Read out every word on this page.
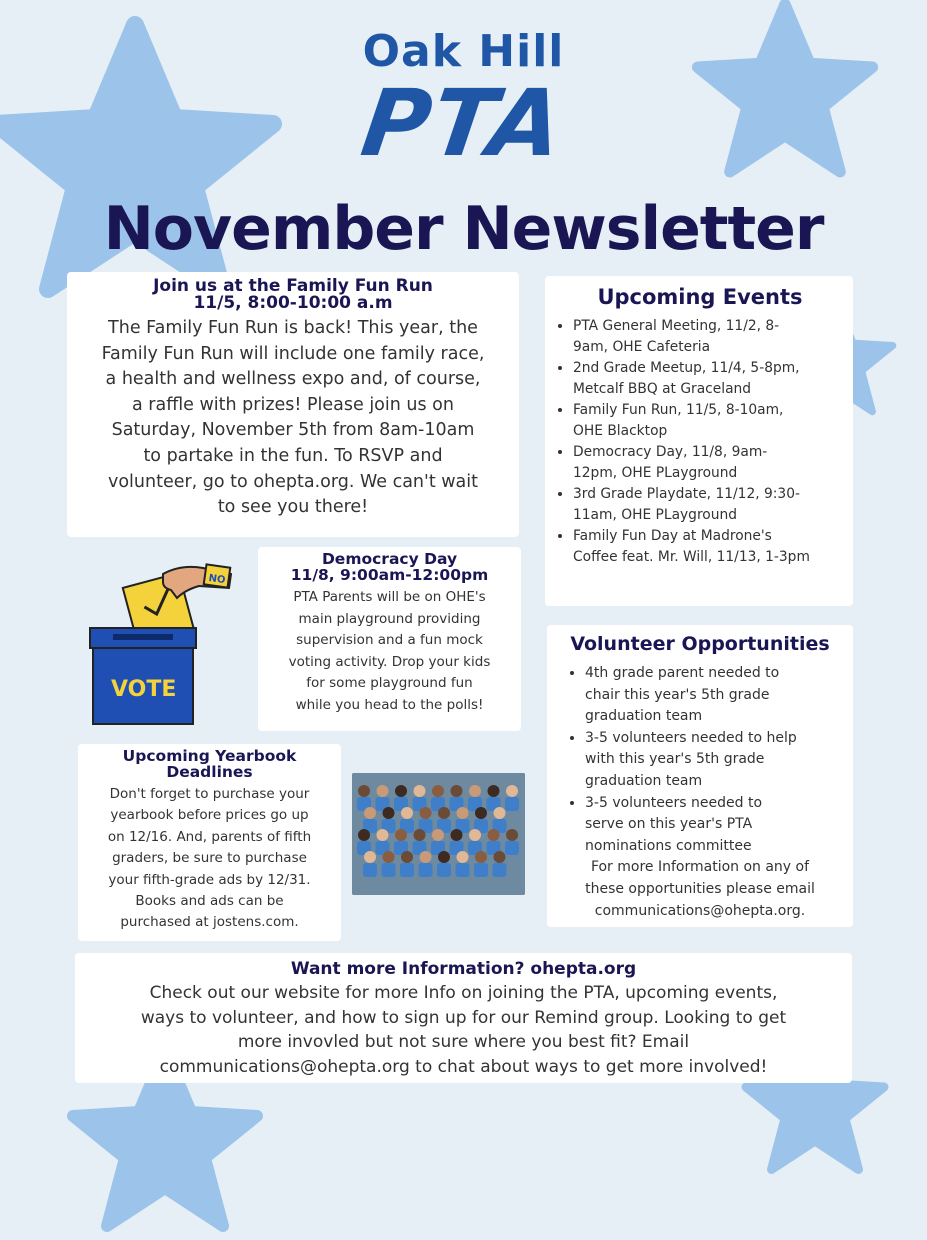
Oak Hill
PTA
November Newsletter
Join us at the Family Fun Run
11/5, 8:00-10:00 a.m
The Family Fun Run is back! This year, the
Family Fun Run will include one family race,
a health and wellness expo and, of course,
a raffle with prizes! Please join us on
Saturday, November 5th from 8am-10am
to partake in the fun. To RSVP and
volunteer, go to ohepta.org. We can't wait
to see you there!
Upcoming Events
• PTA General Meeting, 11/2, 8-
9am, OHE Cafeteria
• 2nd Grade Meetup, 11/4, 5-8pm,
Metcalf BBQ at Graceland
• Family Fun Run, 11/5, 8-10am,
OHE Blacktop
• Democracy Day, 11/8, 9am-
12pm, OHE PLayground
• 3rd Grade Playdate, 11/12, 9:30-
11am, OHE PLayground
• Family Fun Day at Madrone's
Coffee feat. Mr. Will, 11/13, 1-3pm
NO
VOTE
Democracy Day
11/8, 9:00am-12:00pm
PTA Parents will be on OHE's
main playground providing
supervision and a fun mock
voting activity. Drop your kids
for some playground fun
while you head to the polls!
Volunteer Opportunities
• 4th grade parent needed to
chair this year's 5th grade
graduation team
• 3-5 volunteers needed to help
with this year's 5th grade
graduation team
• 3-5 volunteers needed to
serve on this year's PTA
nominations committee
For more Information on any of
these opportunities please email
communications@ohepta.org.
Upcoming Yearbook
Deadlines
Don't forget to purchase your
yearbook before prices go up
on 12/16. And, parents of fifth
graders, be sure to purchase
your fifth-grade ads by 12/31.
Books and ads can be
purchased at jostens.com.
Want more Information? ohepta.org
Check out our website for more Info on joining the PTA, upcoming events,
ways to volunteer, and how to sign up for our Remind group. Looking to get
more invovled but not sure where you best fit? Email
communications@ohepta.org to chat about ways to get more involved!
